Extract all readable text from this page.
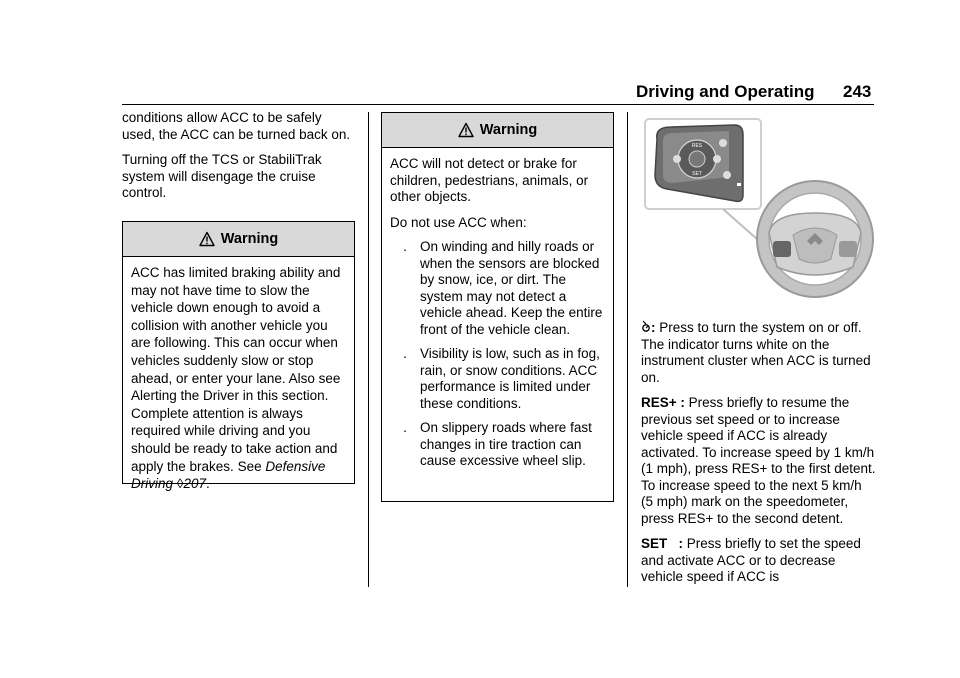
Driving and Operating 243

conditions allow ACC to be safely used, the ACC can be turned back on.

Turning off the TCS or StabiliTrak system will disengage the cruise control.

Warning

ACC has limited braking ability and may not have time to slow the vehicle down enough to avoid a collision with another vehicle you are following. This can occur when vehicles suddenly slow or stop ahead, or enter your lane. Also see Alerting the Driver in this section. Complete attention is always required while driving and you should be ready to take action and apply the brakes. See Defensive Driving ◊207.

Warning

ACC will not detect or brake for children, pedestrians, animals, or other objects.

Do not use ACC when:

. On winding and hilly roads or when the sensors are blocked by snow, ice, or dirt. The system may not detect a vehicle ahead. Keep the entire front of the vehicle clean.

. Visibility is low, such as in fog, rain, or snow conditions. ACC performance is limited under these conditions.

. On slippery roads where fast changes in tire traction can cause excessive wheel slip.

RES
SET

: Press to turn the system on or off. The indicator turns white on the instrument cluster when ACC is turned on.

RES+ : Press briefly to resume the previous set speed or to increase vehicle speed if ACC is already activated. To increase speed by 1 km/h (1 mph), press RES+ to the first detent. To increase speed to the next 5 km/h (5 mph) mark on the speedometer, press RES+ to the second detent.

SET   : Press briefly to set the speed and activate ACC or to decrease vehicle speed if ACC is
